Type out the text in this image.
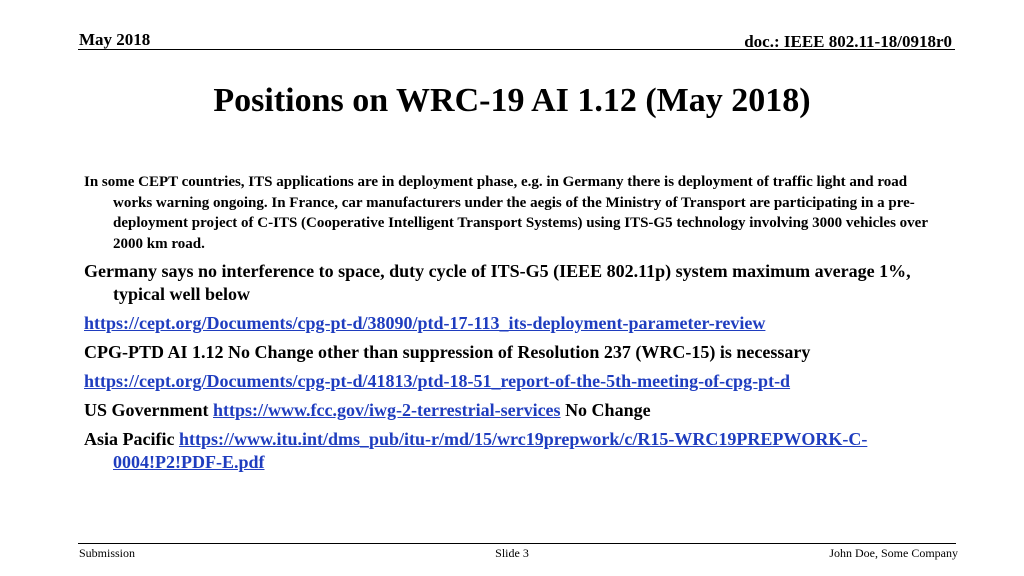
May 2018	doc.: IEEE 802.11-18/0918r0
Positions on WRC-19 AI 1.12 (May 2018)

In some CEPT countries, ITS applications are in deployment phase, e.g. in Germany there is deployment of traffic light and road works warning ongoing. In France, car manufacturers under the aegis of the Ministry of Transport are participating in a pre-deployment project of C-ITS (Cooperative Intelligent Transport Systems) using ITS-G5 technology involving 3000 vehicles over 2000 km road.

Germany says no interference to space, duty cycle of ITS-G5 (IEEE 802.11p) system maximum average 1%, typical well below

https://cept.org/Documents/cpg-pt-d/38090/ptd-17-113_its-deployment-parameter-review

CPG-PTD AI 1.12 No Change other than suppression of Resolution 237 (WRC-15) is necessary

https://cept.org/Documents/cpg-pt-d/41813/ptd-18-51_report-of-the-5th-meeting-of-cpg-pt-d

US Government https://www.fcc.gov/iwg-2-terrestrial-services No Change

Asia Pacific https://www.itu.int/dms_pub/itu-r/md/15/wrc19prepwork/c/R15-WRC19PREPWORK-C-0004!P2!PDF-E.pdf

Submission	Slide 3	John Doe, Some Company
